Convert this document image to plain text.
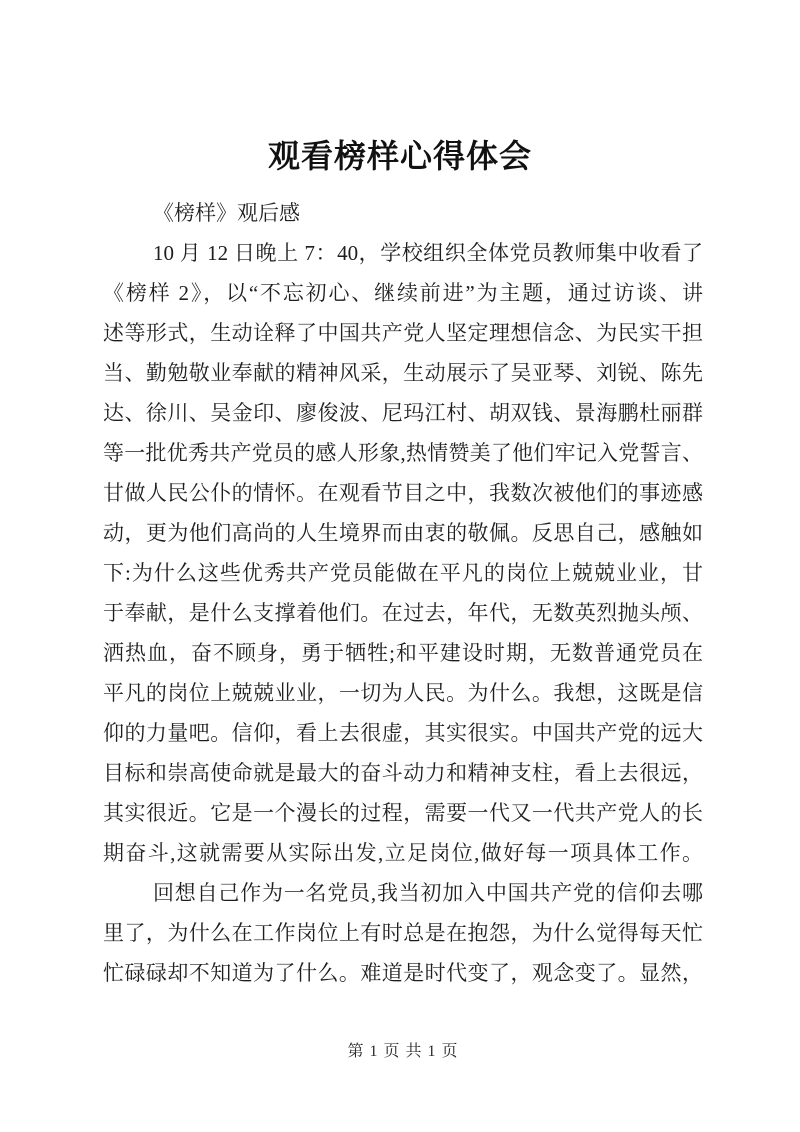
观看榜样心得体会
《榜样》观后感
10 月 12 日晚上 7：40，学校组织全体党员教师集中收看了
《榜样 2》，以“不忘初心、继续前进”为主题，通过访谈、讲
述等形式，生动诠释了中国共产党人坚定理想信念、为民实干担
当、勤勉敬业奉献的精神风采，生动展示了吴亚琴、刘锐、陈先
达、徐川、吴金印、廖俊波、尼玛江村、胡双钱、景海鹏杜丽群
等一批优秀共产党员的感人形象,热情赞美了他们牢记入党誓言、
甘做人民公仆的情怀。在观看节目之中，我数次被他们的事迹感
动，更为他们高尚的人生境界而由衷的敬佩。反思自己，感触如
下:为什么这些优秀共产党员能做在平凡的岗位上兢兢业业，甘
于奉献，是什么支撑着他们。在过去，年代，无数英烈抛头颅、
洒热血，奋不顾身，勇于牺牲;和平建设时期，无数普通党员在
平凡的岗位上兢兢业业，一切为人民。为什么。我想，这既是信
仰的力量吧。信仰，看上去很虚，其实很实。中国共产党的远大
目标和崇高使命就是最大的奋斗动力和精神支柱，看上去很远，
其实很近。它是一个漫长的过程，需要一代又一代共产党人的长
期奋斗,这就需要从实际出发,立足岗位,做好每一项具体工作。
回想自己作为一名党员,我当初加入中国共产党的信仰去哪
里了，为什么在工作岗位上有时总是在抱怨，为什么觉得每天忙
忙碌碌却不知道为了什么。难道是时代变了，观念变了。显然，
第 1 页 共 1 页
